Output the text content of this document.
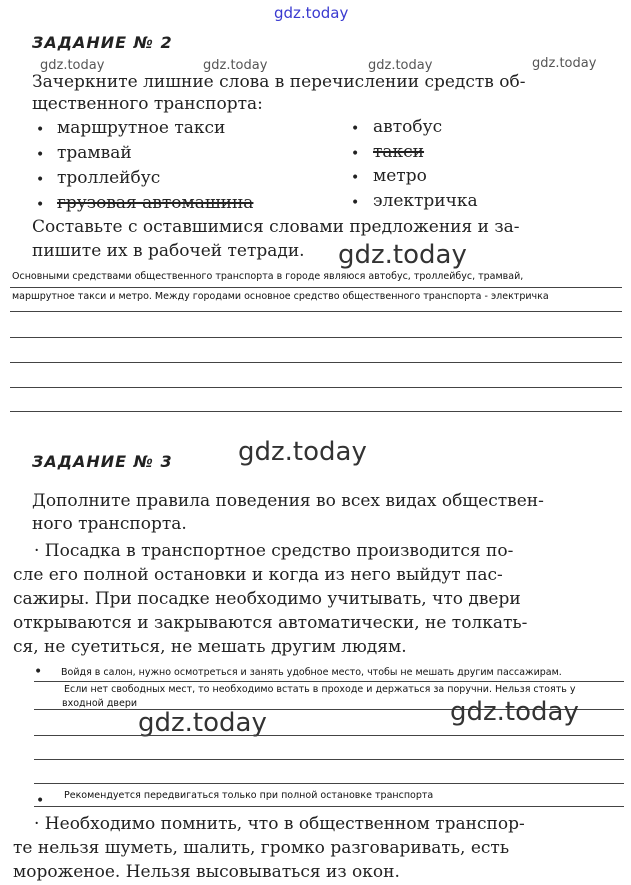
gdz.today
gdz.today	gdz.today	gdz.today	gdz.today
ЗАДАНИЕ № 2
Зачеркните лишние слова в перечислении средств об-
щественного транспорта:
• маршрутное такси
• трамвай
• троллейбус
• грузовая автомашина
• автобус
• такси
• метро
• электричка
Составьте с оставшимися словами предложения и за-
пишите их в рабочей тетради. gdz.today
Основными средствами общественного транспорта в городе являюся автобус, троллейбус, трамвай,
маршрутное такси и метро. Между городами основное средство общественного транспорта - электричка
ЗАДАНИЕ № 3	gdz.today
Дополните правила поведения во всех видах обществен-
ного транспорта.
· Посадка в транспортное средство производится по-
сле его полной остановки и когда из него выйдут пас-
сажиры. При посадке необходимо учитывать, что двери
открываются и закрываются автоматически, не толкать-
ся, не суетиться, не мешать другим людям.
• Войдя в салон, нужно осмотреться и занять удобное место, чтобы не мешать другим пассажирам.
Если нет свободных мест, то необходимо встать в проходе и держаться за поручни. Нельзя стоять у
входной двери
gdz.today	gdz.today
• Рекомендуется передвигаться только при полной остановке транспорта
· Необходимо помнить, что в общественном транспор-
те нельзя шуметь, шалить, громко разговаривать, есть
мороженое. Нельзя высовываться из окон.
